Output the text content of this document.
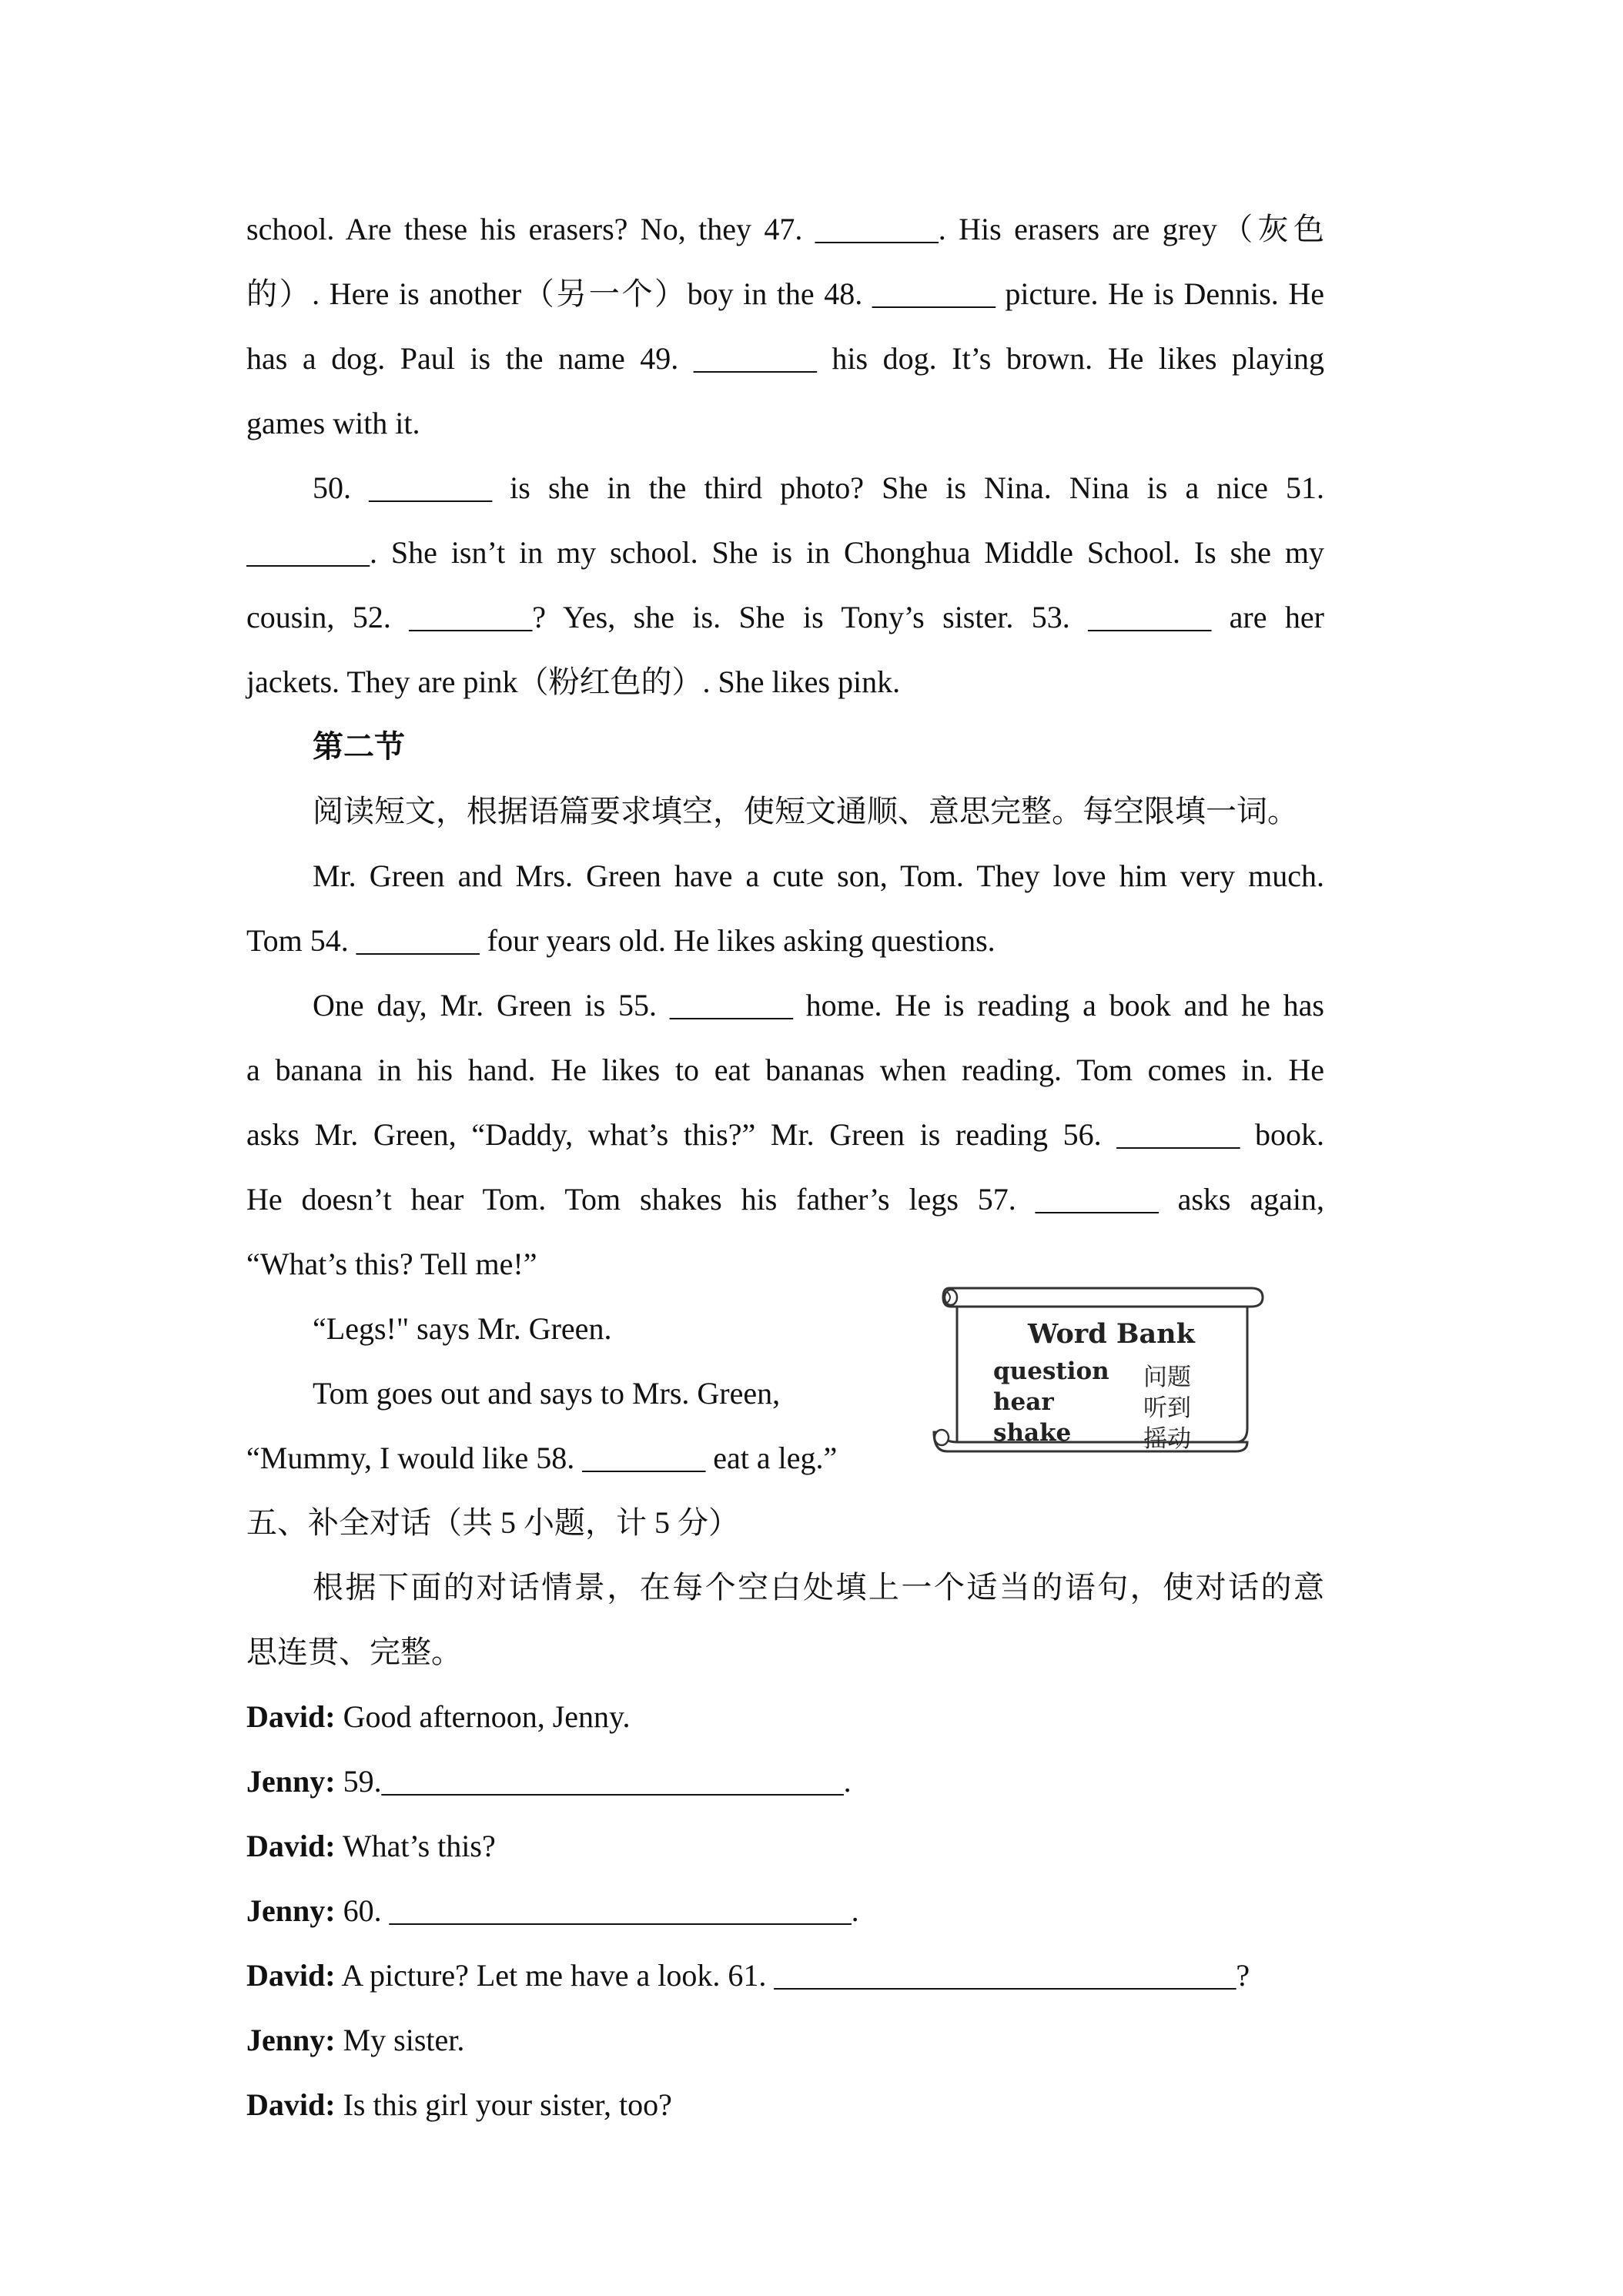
school. Are these his erasers? No, they 47. ________. His erasers are grey（灰色

的）. Here is another（另一个）boy in the 48. ________ picture. He is Dennis. He

has a dog. Paul is the name 49. ________ his dog. It’s brown. He likes playing

games with it.

50. ________ is she in the third photo? She is Nina. Nina is a nice 51.

________. She isn’t in my school. She is in Chonghua Middle School. Is she my

cousin, 52. ________? Yes, she is. She is Tony’s sister. 53. ________ are her

jackets. They are pink（粉红色的）. She likes pink.

第二节

阅读短文，根据语篇要求填空，使短文通顺、意思完整。每空限填一词。

Mr. Green and Mrs. Green have a cute son, Tom. They love him very much.

Tom 54. ________ four years old. He likes asking questions.

One day, Mr. Green is 55. ________ home. He is reading a book and he has

a banana in his hand. He likes to eat bananas when reading. Tom comes in. He

asks Mr. Green, “Daddy, what’s this?” Mr. Green is reading 56. ________ book.

He doesn’t hear Tom. Tom shakes his father’s legs 57. ________ asks again,

“What’s this? Tell me!”

“Legs!" says Mr. Green.

Tom goes out and says to Mrs. Green,

“Mummy, I would like 58. ________ eat a leg.”

Word Bank
question 问题
hear	听到
shake	摇动

五、补全对话（共 5 小题，计 5 分）

根据下面的对话情景，在每个空白处填上一个适当的语句，使对话的意

思连贯、完整。

David: Good afternoon, Jenny.

Jenny: 59.______________________________.

David: What’s this?

Jenny: 60. ______________________________.

David: A picture? Let me have a look. 61. ______________________________?

Jenny: My sister.

David: Is this girl your sister, too?
